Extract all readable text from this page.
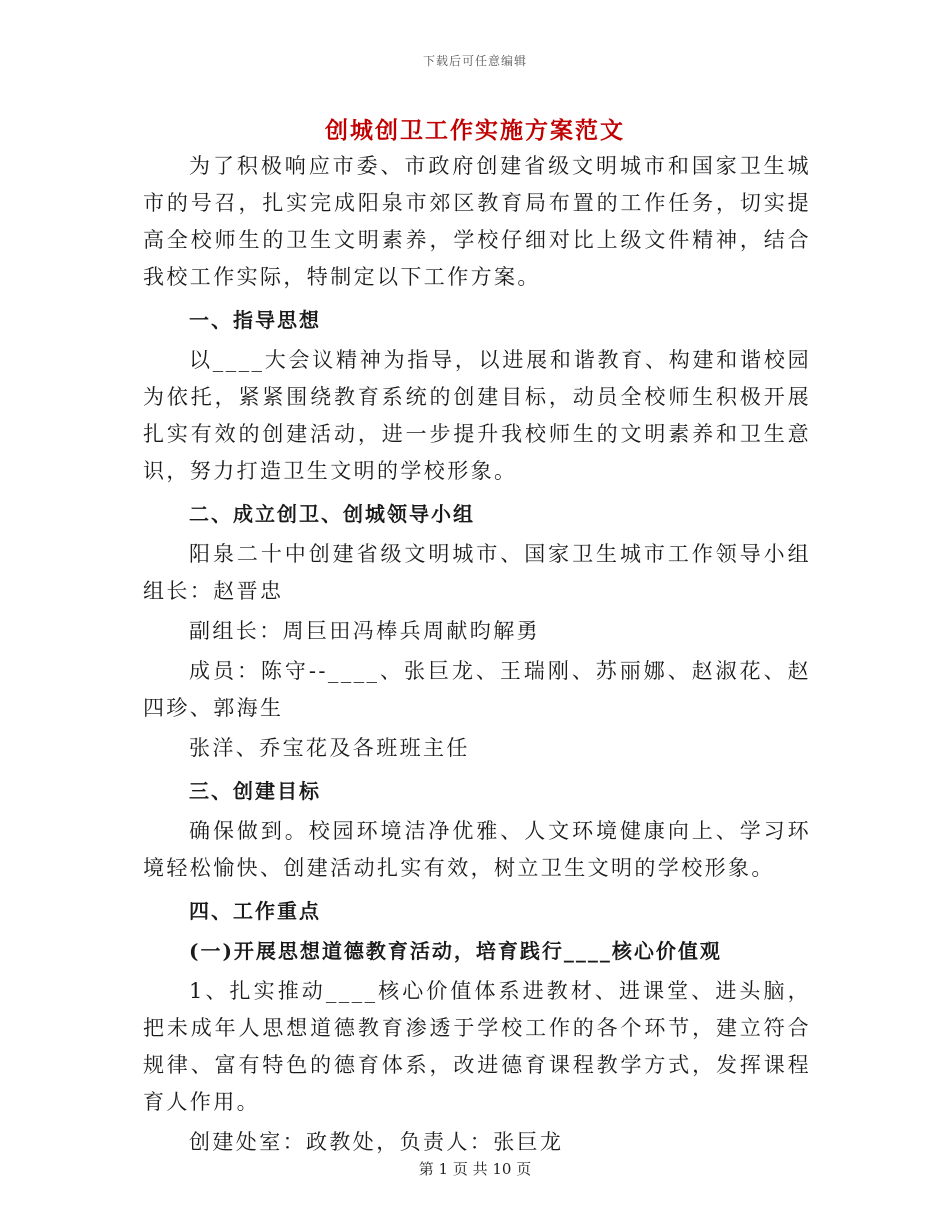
下载后可任意编辑
创城创卫工作实施方案范文

为了积极响应市委、市政府创建省级文明城市和国家卫生城市的号召，扎实完成阳泉市郊区教育局布置的工作任务，切实提高全校师生的卫生文明素养，学校仔细对比上级文件精神，结合我校工作实际，特制定以下工作方案。

一、指导思想

以____大会议精神为指导，以进展和谐教育、构建和谐校园为依托，紧紧围绕教育系统的创建目标，动员全校师生积极开展扎实有效的创建活动，进一步提升我校师生的文明素养和卫生意识，努力打造卫生文明的学校形象。

二、成立创卫、创城领导小组

阳泉二十中创建省级文明城市、国家卫生城市工作领导小组组长：赵晋忠

副组长：周巨田冯棒兵周献昀解勇

成员：陈守--____、张巨龙、王瑞刚、苏丽娜、赵淑花、赵四珍、郭海生

张洋、乔宝花及各班班主任

三、创建目标

确保做到。校园环境洁净优雅、人文环境健康向上、学习环境轻松愉快、创建活动扎实有效，树立卫生文明的学校形象。

四、工作重点

(一)开展思想道德教育活动，培育践行____核心价值观

1、扎实推动____核心价值体系进教材、进课堂、进头脑，把未成年人思想道德教育渗透于学校工作的各个环节，建立符合规律、富有特色的德育体系，改进德育课程教学方式，发挥课程育人作用。

创建处室：政教处，负责人：张巨龙

第 1 页 共 10 页
